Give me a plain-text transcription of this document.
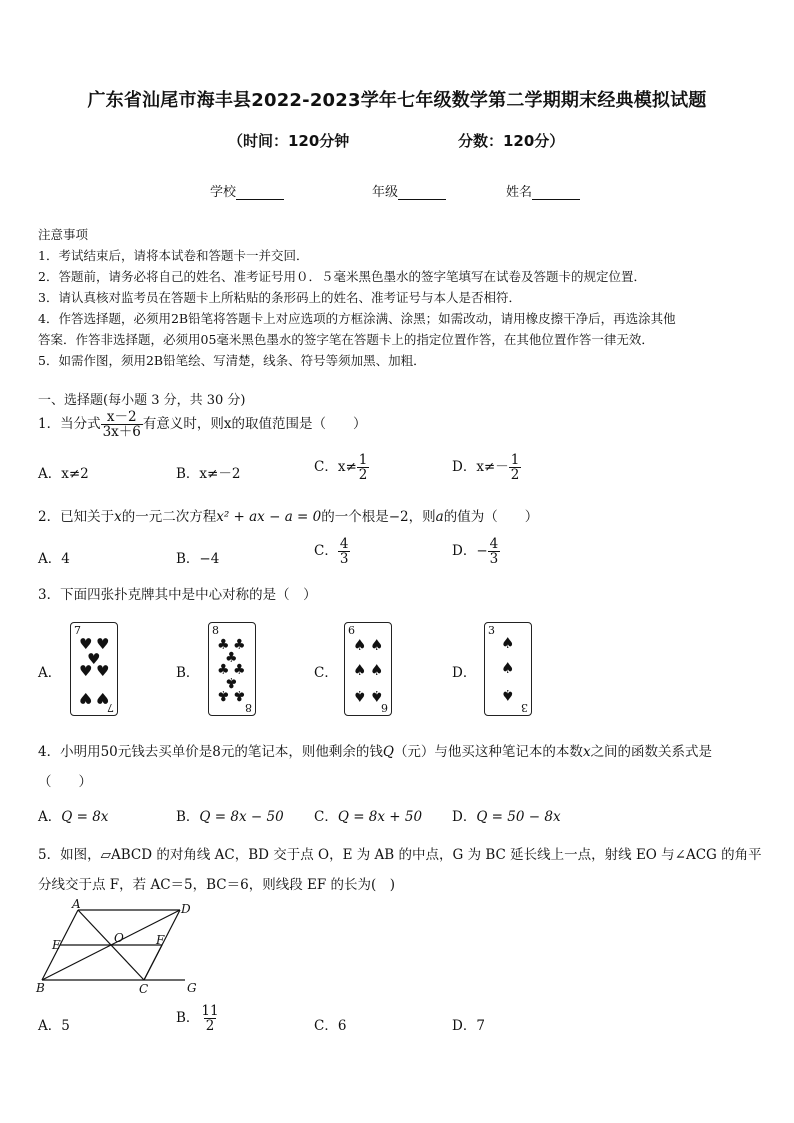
广东省汕尾市海丰县2022-2023学年七年级数学第二学期期末经典模拟试题
（时间：120分钟	分数：120分）
学校	年级	姓名
注意事项
1．考试结束后，请将本试卷和答题卡一并交回．
2．答题前，请务必将自己的姓名、准考证号用０．５毫米黑色墨水的签字笔填写在试卷及答题卡的规定位置．
3．请认真核对监考员在答题卡上所粘贴的条形码上的姓名、准考证号与本人是否相符．
4．作答选择题，必须用2B铅笔将答题卡上对应选项的方框涂满、涂黑；如需改动，请用橡皮擦干净后，再选涂其他
答案．作答非选择题，必须用05毫米黑色墨水的签字笔在答题卡上的指定位置作答，在其他位置作答一律无效．
5．如需作图，须用2B铅笔绘、写清楚，线条、符号等须加黑、加粗．
一、选择题(每小题 3 分，共 30 分)
1．当分式 $\frac{x-2}{3x+6}$ 有意义时，则x的取值范围是（　　）
A．x≠2	B．x≠－2	C．$x\ne \frac{1}{2}$	D．$x\ne- \frac{1}{2}$
2．已知关于x的一元二次方程x² + ax − a = 0的一个根是−2，则a的值为（　　）
A．4	B．−4	C． $\frac{4}{3}$	D．− $\frac{4}{3}$
3．下面四张扑克牌其中是中心对称的是（　）
A．	B．	C．	D．
7
7
♥ ♥
♥
♥ ♥
♥ ♥
8
8
♣ ♣
♣
♣ ♣
♣
♣ ♣
6
6
♠ ♠
♠ ♠
♠ ♠
3
3
♠
♠
♠
4．小明用50元钱去买单价是8元的笔记本，则他剩余的钱Q（元）与他买这种笔记本的本数x之间的函数关系式是
（　　）
A．Q = 8x	B．Q = 8x − 50 C．Q = 8x + 50 D．Q = 50 − 8x
5．如图，▱ABCD 的对角线 AC，BD 交于点 O，E 为 AB 的中点，G 为 BC 延长线上一点，射线 EO 与∠ACG 的角平
分线交于点 F，若 AC＝5，BC＝6，则线段 EF 的长为(　)
A	D
E	O	F
B	C	G
A．5	B． $\frac{11}{2}$	C．6	D．7
